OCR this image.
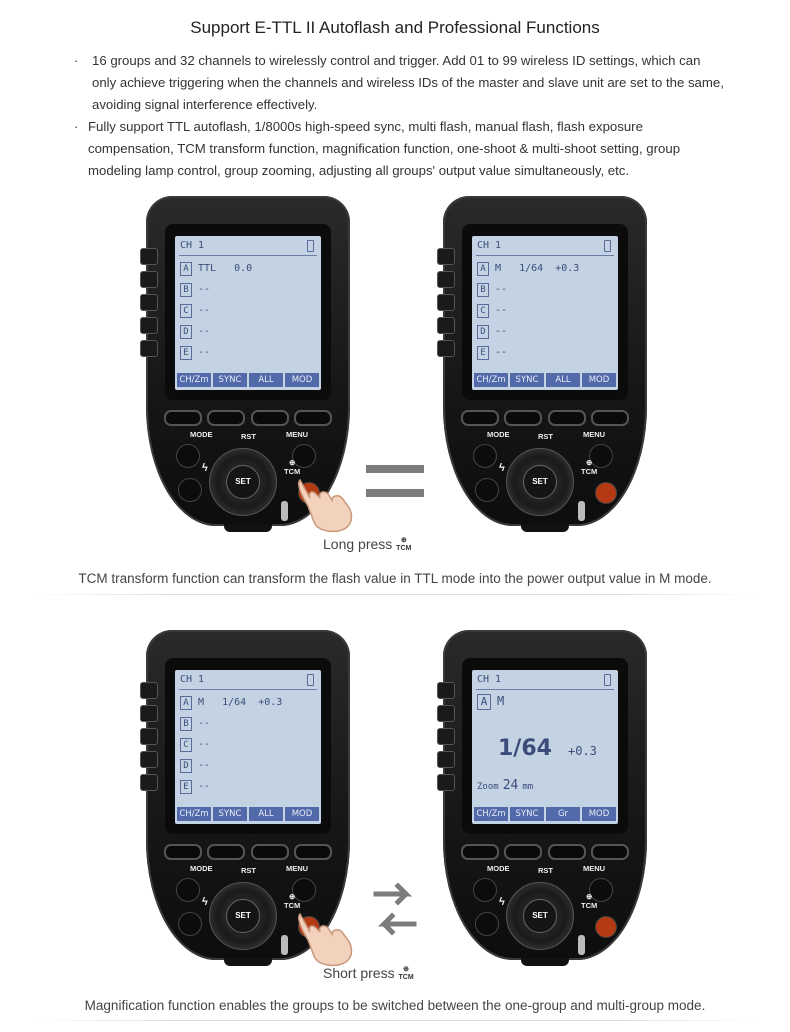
Support E-TTL II Autoflash and Professional Functions

· 16 groups and 32 channels to wirelessly control and trigger. Add 01 to 99 wireless ID settings, which can only achieve triggering when the channels and wireless IDs of the master and slave unit are set to the same, avoiding signal interference effectively.

· Fully support TTL autoflash, 1/8000s high-speed sync, multi flash, manual flash, flash exposure compensation, TCM transform function, magnification function, one-shoot & multi-shoot setting, group modeling lamp control, group zooming, adjusting all groups' output value simultaneously, etc.

CH 1
A TTL   0.0
B --
C --
D --
E --
CH/Zm	SYNC	ALL	MOD
MODE	RST	MENU
ϟ	⊕
TCM
SET
CH 1
A M   1/64  +0.3
B --
C --
D --
E --
CH/Zm	SYNC	ALL	MOD
MODE	RST	MENU
ϟ	⊕
TCM
SET
CH 1
A M   1/64  +0.3
B --
C --
D --
E --
CH/Zm	SYNC	ALL	MOD
MODE	RST	MENU
ϟ	⊕
TCM
SET
CH 1
A M
1/64 +0.3
Zoom 24 mm
CH/Zm	SYNC	Gr	MOD
MODE	RST	MENU
ϟ	⊕
TCM
SET
Long press ⊕
TCM
TCM transform function can transform the flash value in TTL mode into the power output value in M mode.
Short press ⊕
TCM
Magnification function enables the groups to be switched between the one-group and multi-group mode.
